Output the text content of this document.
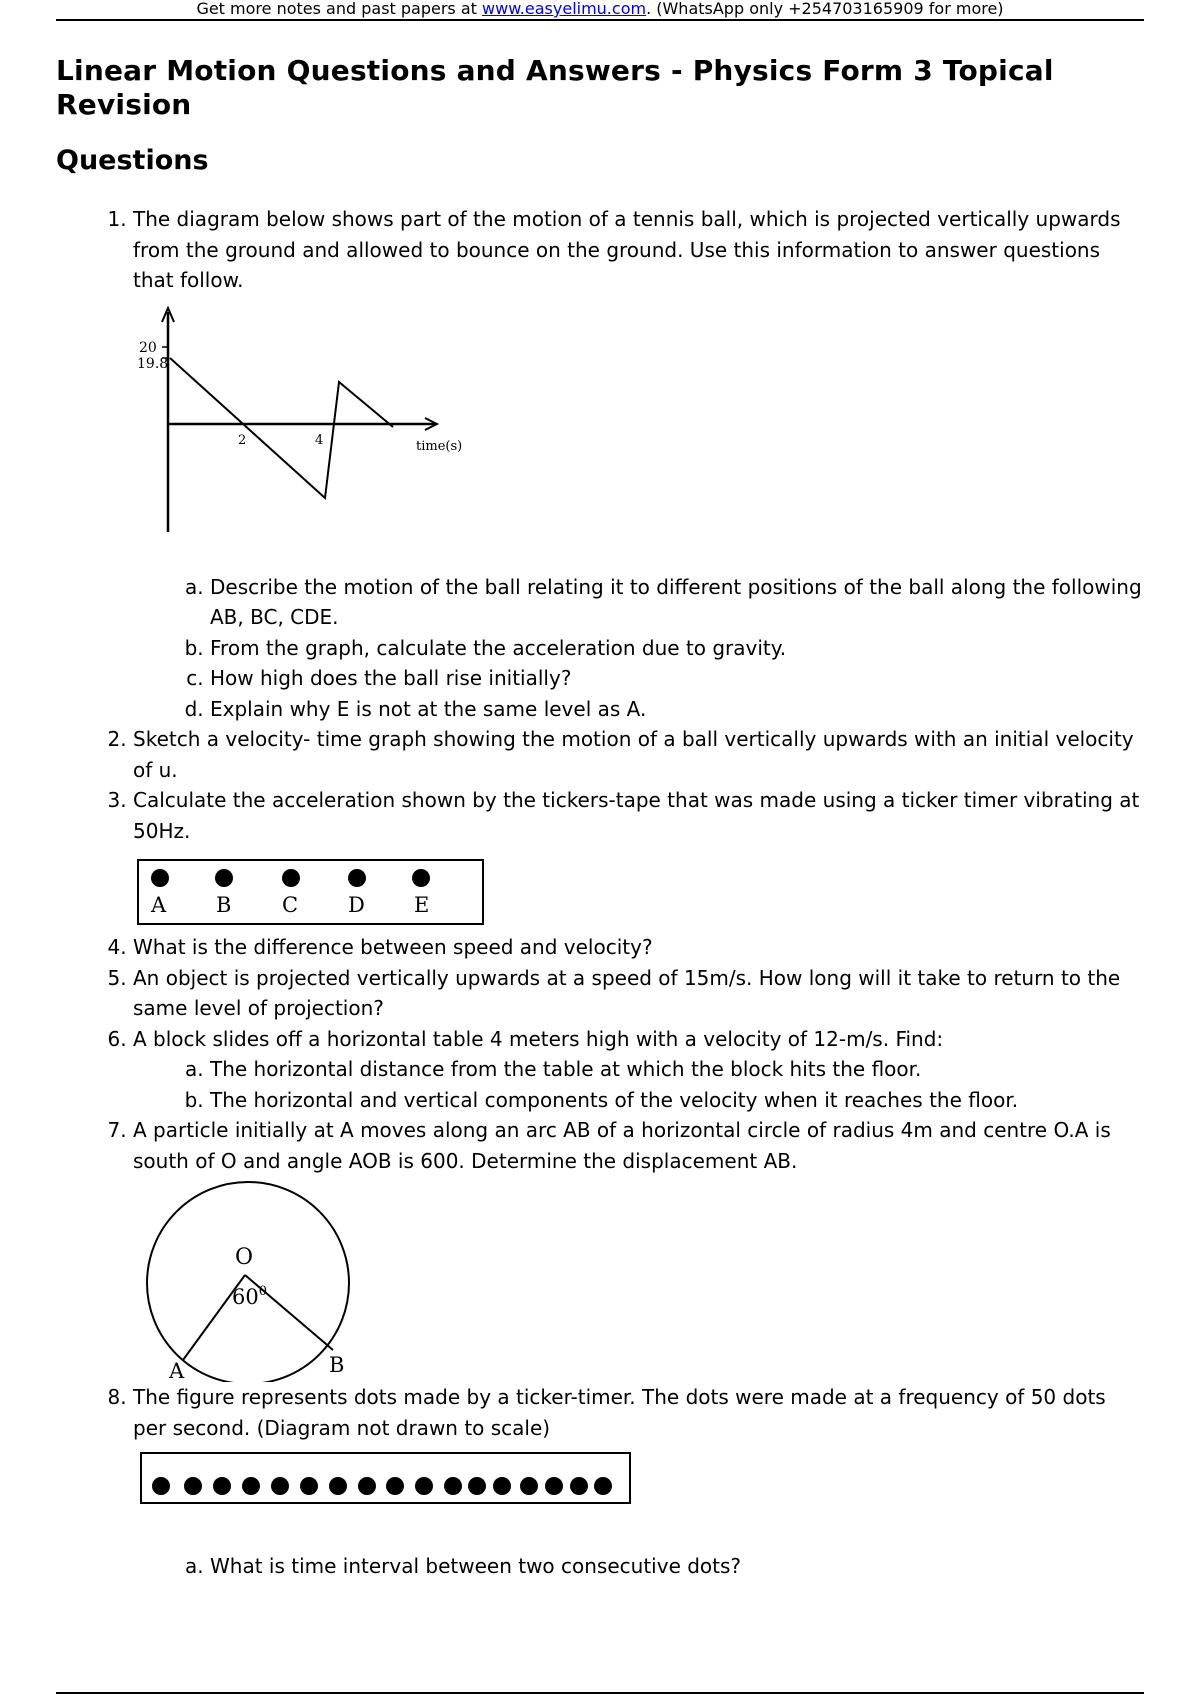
Get more notes and past papers at www.easyelimu.com. (WhatsApp only +254703165909 for more)
Linear Motion Questions and Answers - Physics Form 3 Topical Revision
Questions
1. The diagram below shows part of the motion of a tennis ball, which is projected vertically upwards from the ground and allowed to bounce on the ground. Use this information to answer questions that follow.
20
19.8
2	4	time(s)
a. Describe the motion of the ball relating it to different positions of the ball along the following AB, BC, CDE.
b. From the graph, calculate the acceleration due to gravity.
c. How high does the ball rise initially?
d. Explain why E is not at the same level as A.
2. Sketch a velocity- time graph showing the motion of a ball vertically upwards with an initial velocity of u.
3. Calculate the acceleration shown by the tickers-tape that was made using a ticker timer vibrating at 50Hz.
A B C D E
4. What is the difference between speed and velocity?
5. An object is projected vertically upwards at a speed of 15m/s. How long will it take to return to the same level of projection?
6. A block slides off a horizontal table 4 meters high with a velocity of 12-m/s. Find:
a. The horizontal distance from the table at which the block hits the floor.
b. The horizontal and vertical components of the velocity when it reaches the floor.
7. A particle initially at A moves along an arc AB of a horizontal circle of radius 4m and centre O.A is south of O and angle AOB is 600. Determine the displacement AB.
O
$60^0$
A	B
8. The figure represents dots made by a ticker-timer. The dots were made at a frequency of 50 dots per second. (Diagram not drawn to scale)
a. What is time interval between two consecutive dots?
